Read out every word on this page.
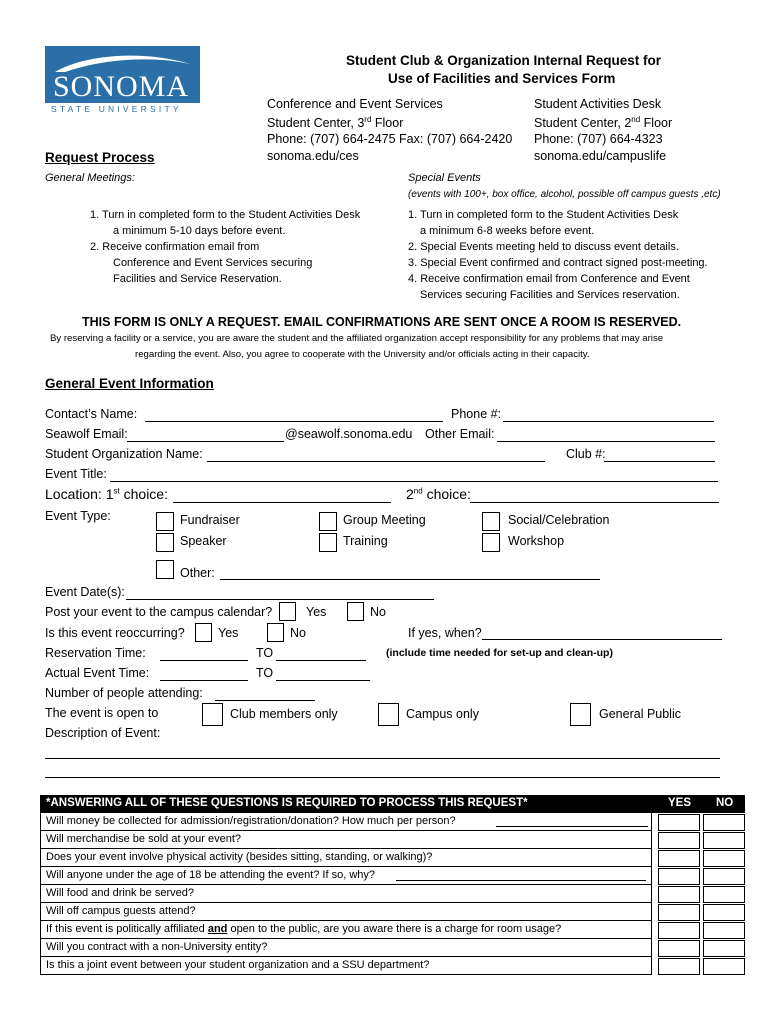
SONOMA
STATE UNIVERSITY
Student Club & Organization Internal Request for
Use of Facilities and Services Form
Conference and Event Services
Student Center, 3rd Floor
Phone: (707) 664-2475 Fax: (707) 664-2420
sonoma.edu/ces
Student Activities Desk
Student Center, 2nd Floor
Phone: (707) 664-4323
sonoma.edu/campuslife
Request Process
General Meetings:
1. Turn in completed form to the Student Activities Desk
a minimum 5-10 days before event.
2. Receive confirmation email from
Conference and Event Services securing
Facilities and Service Reservation.
Special Events
(events with 100+, box office, alcohol, possible off campus guests ,etc)
1. Turn in completed form to the Student Activities Desk
a minimum 6-8 weeks before event.
2. Special Events meeting held to discuss event details.
3. Special Event confirmed and contract signed post-meeting.
4. Receive confirmation email from Conference and Event
Services securing Facilities and Services reservation.
THIS FORM IS ONLY A REQUEST. EMAIL CONFIRMATIONS ARE SENT ONCE A ROOM IS RESERVED.
By reserving a facility or a service, you are aware the student and the affiliated organization accept responsibility for any problems that may arise
regarding the event. Also, you agree to cooperate with the University and/or officials acting in their capacity.
General Event Information
Contact’s Name:	Phone #:
Seawolf Email:	@seawolf.sonoma.edu Other Email:
Student Organization Name:	Club #:
Event Title:
Location: 1st choice:	2nd choice:
Event Type:	Fundraiser	Group Meeting	Social/Celebration
Speaker	Training	Workshop
Other:
Event Date(s):
Post your event to the campus calendar?	Yes	No
Is this event reoccurring?	Yes	No	If yes, when?
Reservation Time:	TO	(include time needed for set-up and clean-up)
Actual Event Time:	TO
Number of people attending:
The event is open to	Club members only	Campus only	General Public
Description of Event:
*ANSWERING ALL OF THESE QUESTIONS IS REQUIRED TO PROCESS THIS REQUEST*	YES NO
Will money be collected for admission/registration/donation? How much per person?
Will merchandise be sold at your event?
Does your event involve physical activity (besides sitting, standing, or walking)?
Will anyone under the age of 18 be attending the event? If so, why?
Will food and drink be served?
Will off campus guests attend?
If this event is politically affiliated and open to the public, are you aware there is a charge for room usage?
Will you contract with a non-University entity?
Is this a joint event between your student organization and a SSU department?
